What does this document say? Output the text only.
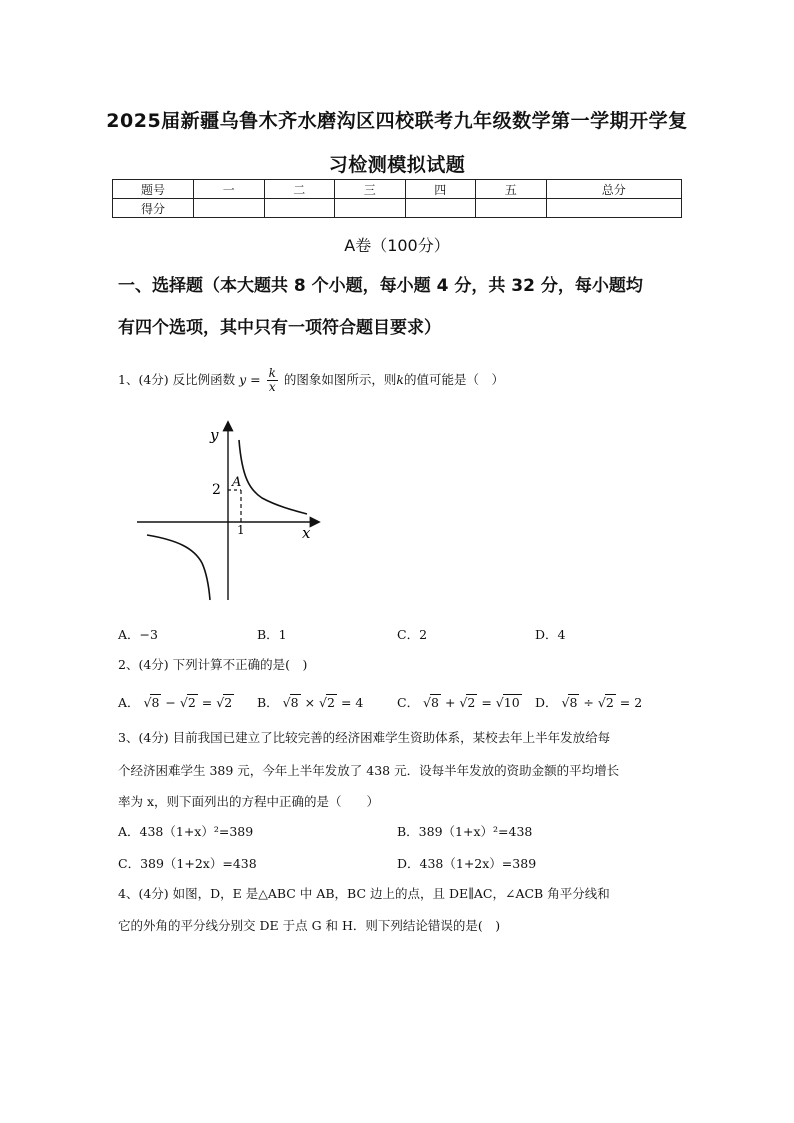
2025届新疆乌鲁木齐水磨沟区四校联考九年级数学第一学期开学复
习检测模拟试题
题号	一	二	三	四	五	总分
得分						
A卷（100分）
一、选择题（本大题共 8 个小题，每小题 4 分，共 32 分，每小题均
有四个选项，其中只有一项符合题目要求）
1、(4分) 反比例函数 $y = \frac{k}{x}$ 的图象如图所示，则k的值可能是（　）
y
x
A
2
1
A．−3	B．1	C．2	D．4
2、(4分) 下列计算不正确的是(　)
A． √8 − √2 = √2 B． √8 × √2 = 4	C． √8 + √2 = √10 D． √8 ÷ √2 = 2
3、(4分) 目前我国已建立了比较完善的经济困难学生资助体系，某校去年上半年发放给每
个经济困难学生 389 元，今年上半年发放了 438 元．设每半年发放的资助金额的平均增长
率为 x，则下面列出的方程中正确的是（　　）
A．438（1+x）²=389	B．389（1+x）²=438
C．389（1+2x）=438	D．438（1+2x）=389
4、(4分) 如图，D，E 是△ABC 中 AB，BC 边上的点，且 DE∥AC，∠ACB 角平分线和
它的外角的平分线分别交 DE 于点 G 和 H．则下列结论错误的是(　)
